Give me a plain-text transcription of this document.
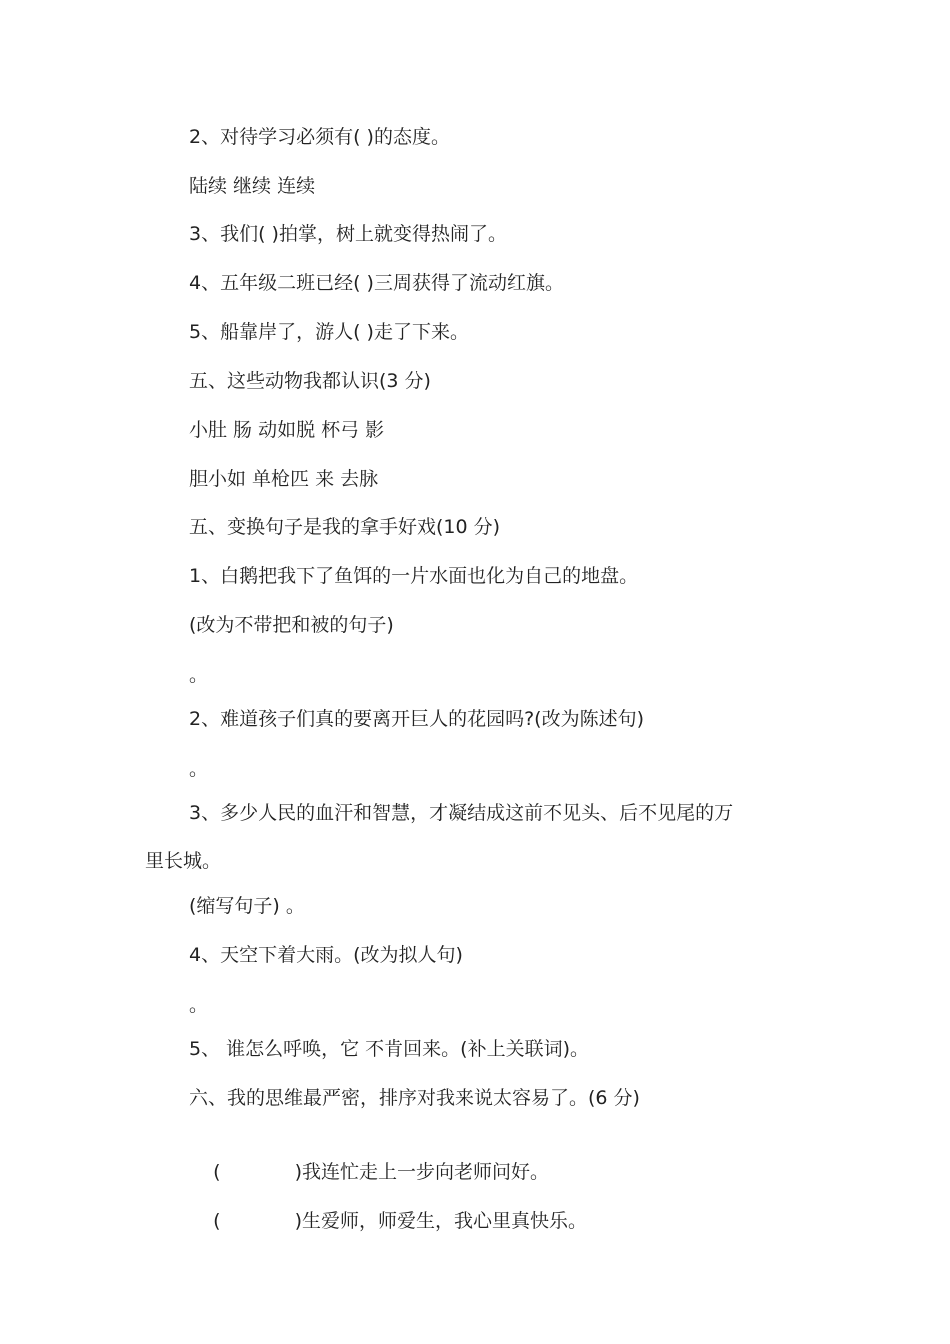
2、对待学习必须有( )的态度。
陆续 继续 连续
3、我们( )拍掌，树上就变得热闹了。
4、五年级二班已经( )三周获得了流动红旗。
5、船靠岸了，游人( )走了下来。
五、这些动物我都认识(3 分)
小肚 肠 动如脱 杯弓 影
胆小如 单枪匹 来 去脉
五、变换句子是我的拿手好戏(10 分)
1、白鹅把我下了鱼饵的一片水面也化为自己的地盘。
(改为不带把和被的句子)
。
2、难道孩子们真的要离开巨人的花园吗?(改为陈述句)
。
3、多少人民的血汗和智慧，才凝结成这前不见头、后不见尾的万
里长城。
(缩写句子) 。
4、天空下着大雨。(改为拟人句)
。
5、 谁怎么呼唤，它 不肯回来。(补上关联词)。
六、我的思维最严密，排序对我来说太容易了。(6 分)

(	)我连忙走上一步向老师问好。

(	)生爱师，师爱生，我心里真快乐。
